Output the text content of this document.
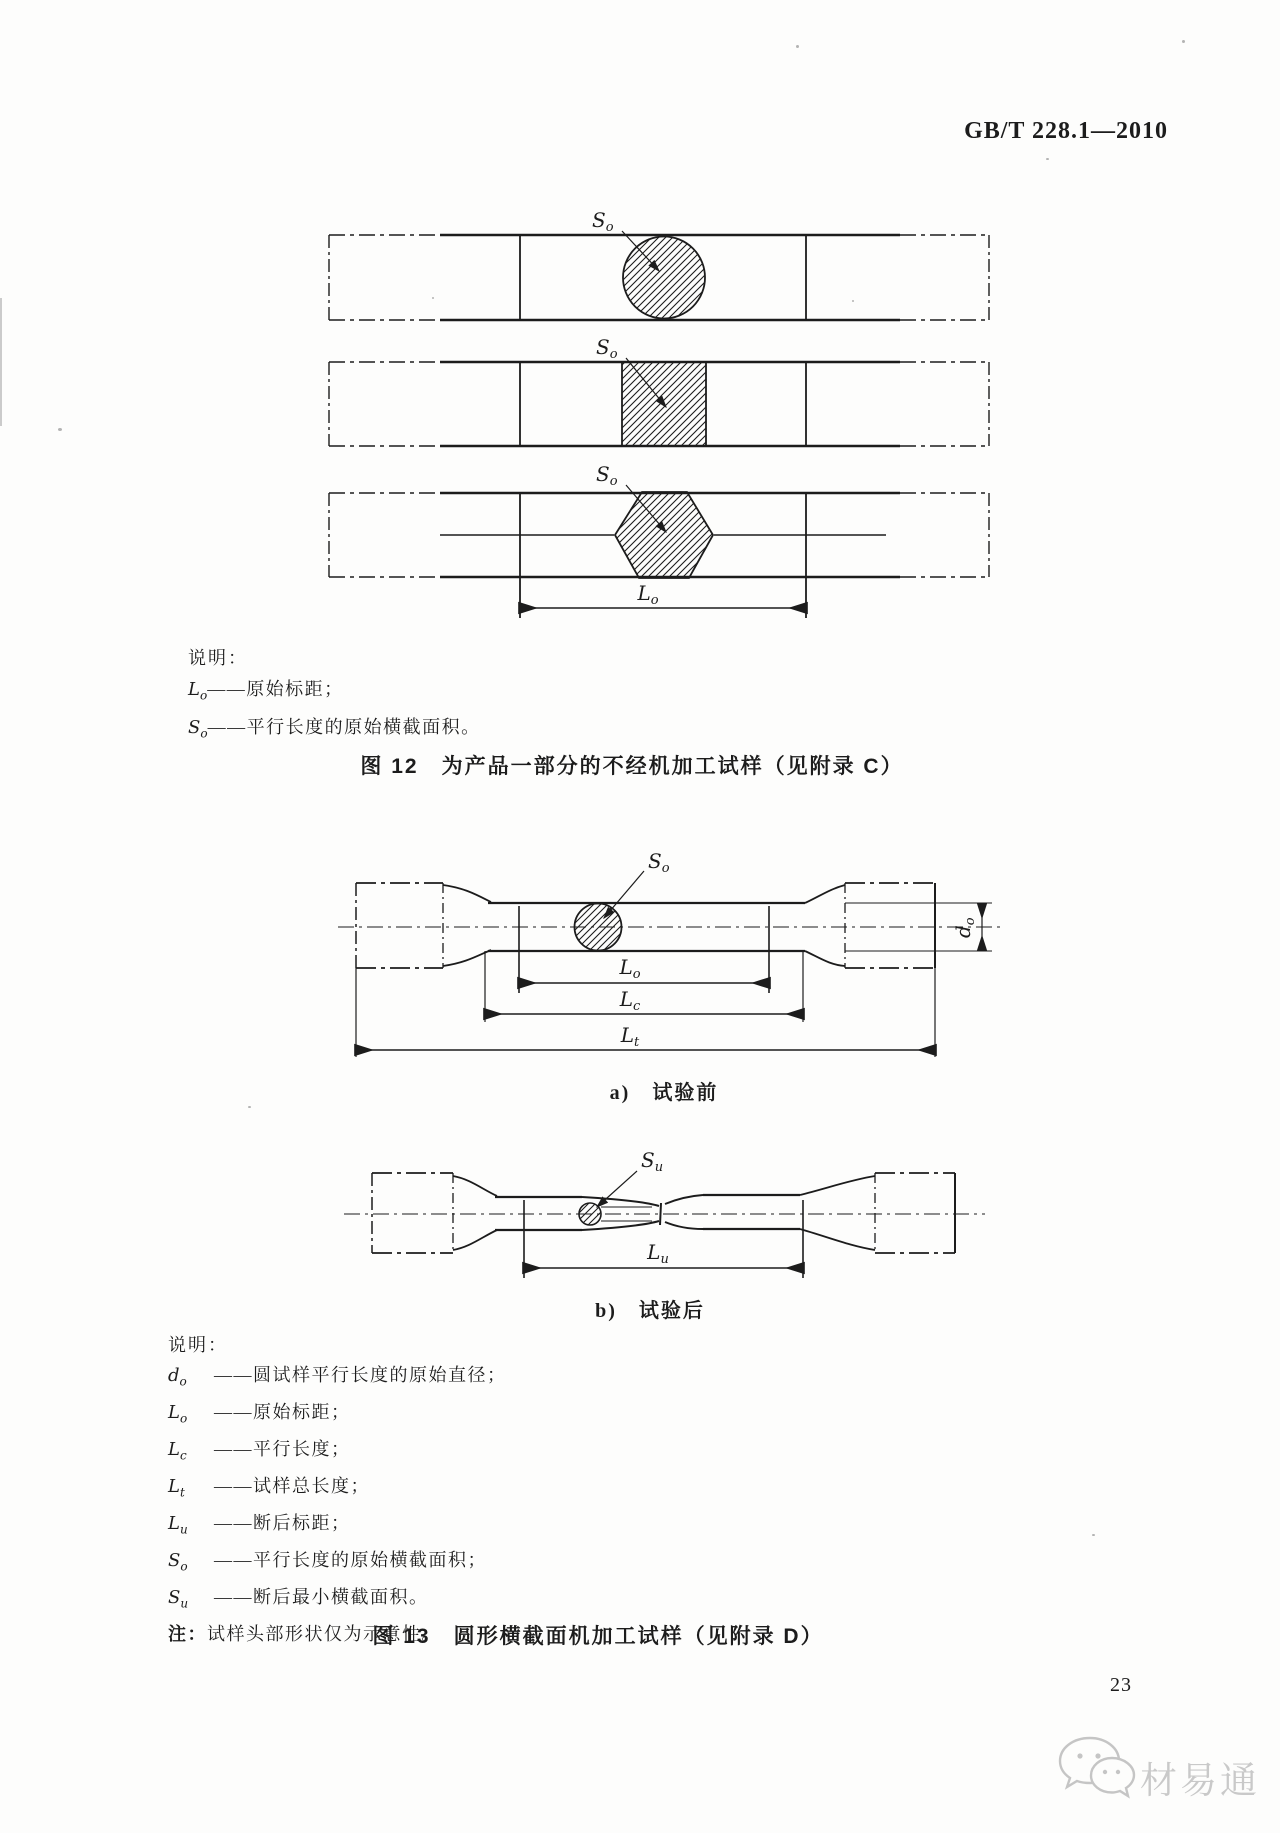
GB/T 228.1—2010
$S_o$
$S_o$
$S_o$
$L_o$
说明：
$L_o——$原始标距；
$S_o——$平行长度的原始横截面积。
图 12　为产品一部分的不经机加工试样（见附录 C）
$S_o$
$L_o$
$L_c$
$L_t$
$d_o$
a) 试验前
$S_u$
$L_u$
b) 试验后
说明：
$d_o$ ——圆试样平行长度的原始直径；
$L_o$ ——原始标距；
$L_c$ ——平行长度；
$L_t$ ——试样总长度；
$L_u$ ——断后标距；
$S_o$ ——平行长度的原始横截面积；
$S_u$ ——断后最小横截面积。
注：试样头部形状仅为示意性。
图 13　圆形横截面机加工试样（见附录 D）
23
材易通
